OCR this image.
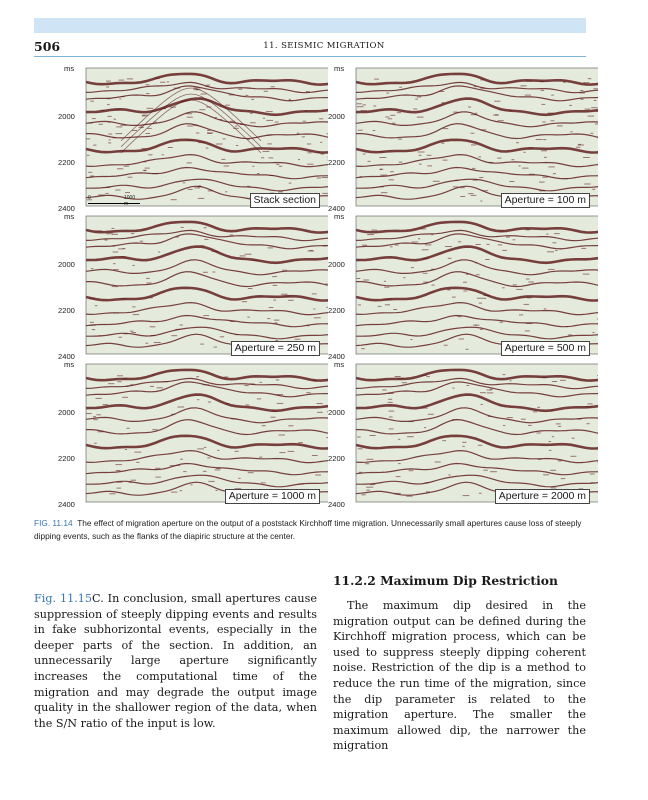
506	11. SEISMIC MIGRATION
ms
2000
2200
2400
0	1000 m	Stack section
ms
2000
2200
2400
Aperture = 100 m
ms
2000
2200
2400
Aperture = 250 m
ms
2000
2200
2400
Aperture = 500 m
ms
2000
2200
2400
Aperture = 1000 m
ms
2000
2200
2400
Aperture = 2000 m
FIG. 11.14 The effect of migration aperture on the output of a poststack Kirchhoff time migration. Unnecessarily small apertures cause loss of steeply dipping events, such as the flanks of the diapiric structure at the center.
Fig. 11.15C. In conclusion, small apertures cause suppression of steeply dipping events and results in fake subhorizontal events, especially in the deeper parts of the section. In addition, an unnecessarily large aperture significantly increases the computational time of the migration and may degrade the output image quality in the shallower region of the data, when the S/N ratio of the input is low.
11.2.2 Maximum Dip Restriction
The maximum dip desired in the migration output can be defined during the Kirchhoff migration process, which can be used to suppress steeply dipping coherent noise. Restriction of the dip is a method to reduce the run time of the migration, since the dip parameter is related to the migration aperture. The smaller the maximum allowed dip, the narrower the migration
